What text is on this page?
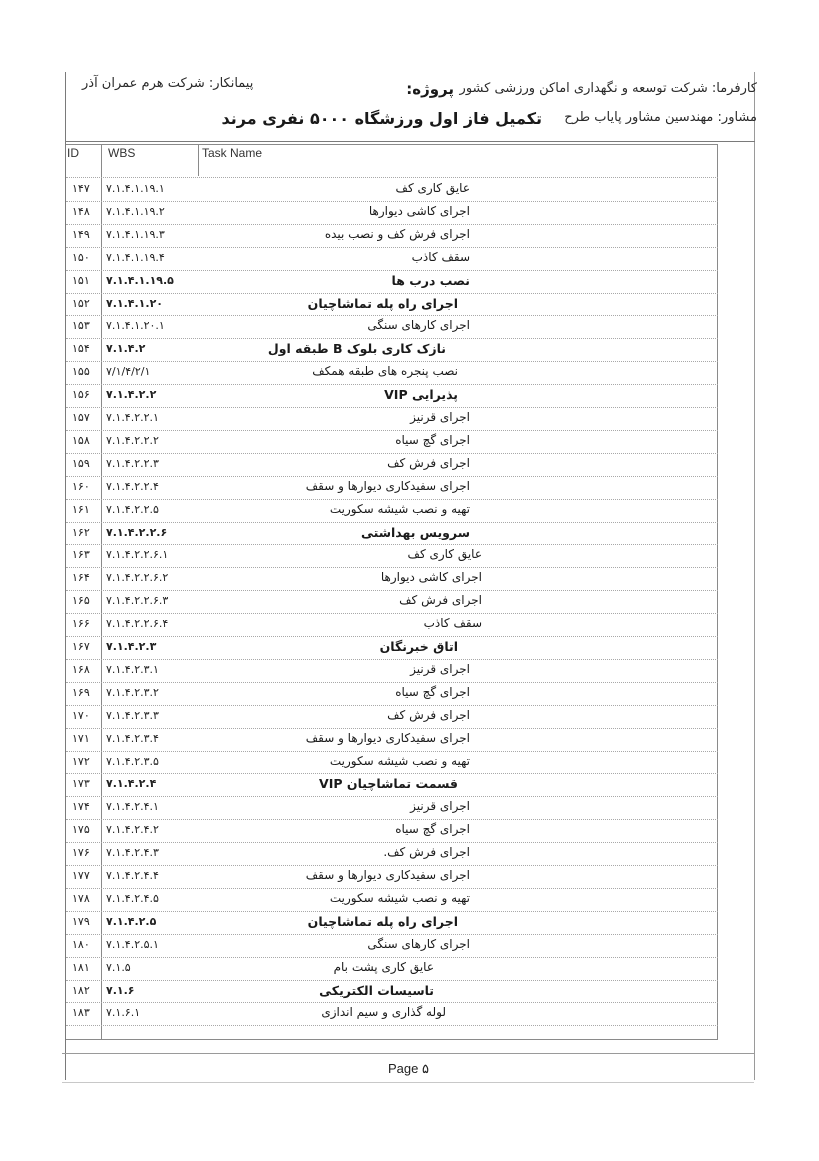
کارفرما: شرکت توسعه و نگهداری اماکن ورزشی کشور
پروژه:
پیمانکار: شرکت هرم عمران آذر
مشاور: مهندسین مشاور پایاب طرح
تکمیل فاز اول ورزشگاه ۵۰۰۰ نفری مرند
ID WBS	Task Name
۱۴۷ ۷.۱.۴.۱.۱۹.۱	عایق کاری کف
۱۴۸ ۷.۱.۴.۱.۱۹.۲	اجرای کاشی دیوارها
۱۴۹ ۷.۱.۴.۱.۱۹.۳	اجرای فرش کف و نصب بیده
۱۵۰ ۷.۱.۴.۱.۱۹.۴	سقف کاذب
۱۵۱ ۷.۱.۴.۱.۱۹.۵	نصب درب ها
۱۵۲ ۷.۱.۴.۱.۲۰	اجرای راه پله تماشاچیان
۱۵۳ ۷.۱.۴.۱.۲۰.۱	اجرای کارهای سنگی
۱۵۴ ۷.۱.۴.۲	نازک کاری بلوک B طبقه اول
۱۵۵ ۷/۱/۴/۲/۱	نصب پنجره های طبقه همکف
۱۵۶ ۷.۱.۴.۲.۲	پذیرایی VIP
۱۵۷ ۷.۱.۴.۲.۲.۱	اجرای قرنیز
۱۵۸ ۷.۱.۴.۲.۲.۲	اجرای گچ سیاه
۱۵۹ ۷.۱.۴.۲.۲.۳	اجرای فرش کف
۱۶۰ ۷.۱.۴.۲.۲.۴	اجرای سفیدکاری دیوارها و سقف
۱۶۱ ۷.۱.۴.۲.۲.۵	تهیه و نصب شیشه سکوریت
۱۶۲ ۷.۱.۴.۲.۲.۶	سرویس بهداشتی
۱۶۳ ۷.۱.۴.۲.۲.۶.۱	عایق کاری کف
۱۶۴ ۷.۱.۴.۲.۲.۶.۲	اجرای کاشی دیوارها
۱۶۵ ۷.۱.۴.۲.۲.۶.۳	اجرای فرش کف
۱۶۶ ۷.۱.۴.۲.۲.۶.۴	سقف کاذب
۱۶۷ ۷.۱.۴.۲.۳	اتاق خبرنگان
۱۶۸ ۷.۱.۴.۲.۳.۱	اجرای قرنیز
۱۶۹ ۷.۱.۴.۲.۳.۲	اجرای گچ سیاه
۱۷۰ ۷.۱.۴.۲.۳.۳	اجرای فرش کف
۱۷۱ ۷.۱.۴.۲.۳.۴	اجرای سفیدکاری دیوارها و سقف
۱۷۲ ۷.۱.۴.۲.۳.۵	تهیه و نصب شیشه سکوریت
۱۷۳ ۷.۱.۴.۲.۴	قسمت تماشاچیان VIP
۱۷۴ ۷.۱.۴.۲.۴.۱	اجرای قرنیز
۱۷۵ ۷.۱.۴.۲.۴.۲	اجرای گچ سیاه
۱۷۶ ۷.۱.۴.۲.۴.۳	اجرای فرش کف.
۱۷۷ ۷.۱.۴.۲.۴.۴	اجرای سفیدکاری دیوارها و سقف
۱۷۸ ۷.۱.۴.۲.۴.۵	تهیه و نصب شیشه سکوریت
۱۷۹ ۷.۱.۴.۲.۵	اجرای راه پله تماشاچیان
۱۸۰ ۷.۱.۴.۲.۵.۱	اجرای کارهای سنگی
۱۸۱ ۷.۱.۵	عایق کاری پشت بام
۱۸۲ ۷.۱.۶	تاسیسات الکتریکی
۱۸۳ ۷.۱.۶.۱	لوله گذاری و سیم اندازی
Page ۵
